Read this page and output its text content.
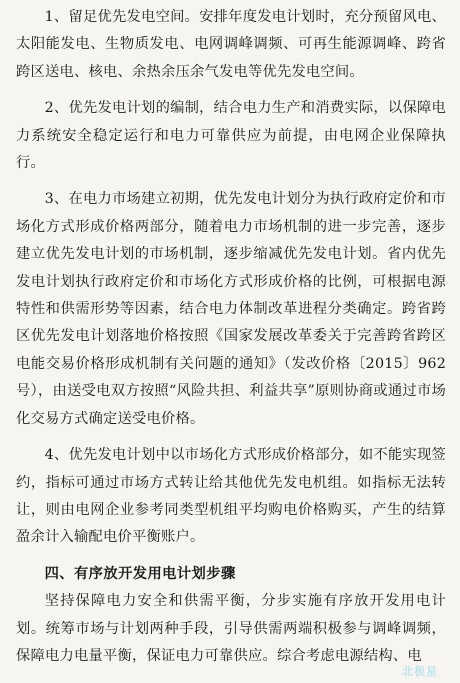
1、留足优先发电空间。安排年度发电计划时，充分预留风电、太阳能发电、生物质发电、电网调峰调频、可再生能源调峰、跨省跨区送电、核电、余热余压余气发电等优先发电空间。

2、优先发电计划的编制，结合电力生产和消费实际，以保障电力系统安全稳定运行和电力可靠供应为前提，由电网企业保障执行。

3、在电力市场建立初期，优先发电计划分为执行政府定价和市场化方式形成价格两部分，随着电力市场机制的进一步完善，逐步建立优先发电计划的市场机制，逐步缩减优先发电计划。省内优先发电计划执行政府定价和市场化方式形成价格的比例，可根据电源特性和供需形势等因素，结合电力体制改革进程分类确定。跨省跨区优先发电计划落地价格按照《国家发展改革委关于完善跨省跨区电能交易价格形成机制有关问题的通知》（发改价格〔2015〕962号），由送受电双方按照“风险共担、利益共享”原则协商或通过市场化交易方式确定送受电价格。

4、优先发电计划中以市场化方式形成价格部分，如不能实现签约，指标可通过市场方式转让给其他优先发电机组。如指标无法转让，则由电网企业参考同类型机组平均购电价格购买，产生的结算盈余计入输配电价平衡账户。

四、有序放开发用电计划步骤

坚持保障电力安全和供需平衡，分步实施有序放开发用电计划。统筹市场与计划两种手段，引导供需两端积极参与调峰调频，保障电力电量平衡，保证电力可靠供应。综合考虑电源结构、电

北极星
